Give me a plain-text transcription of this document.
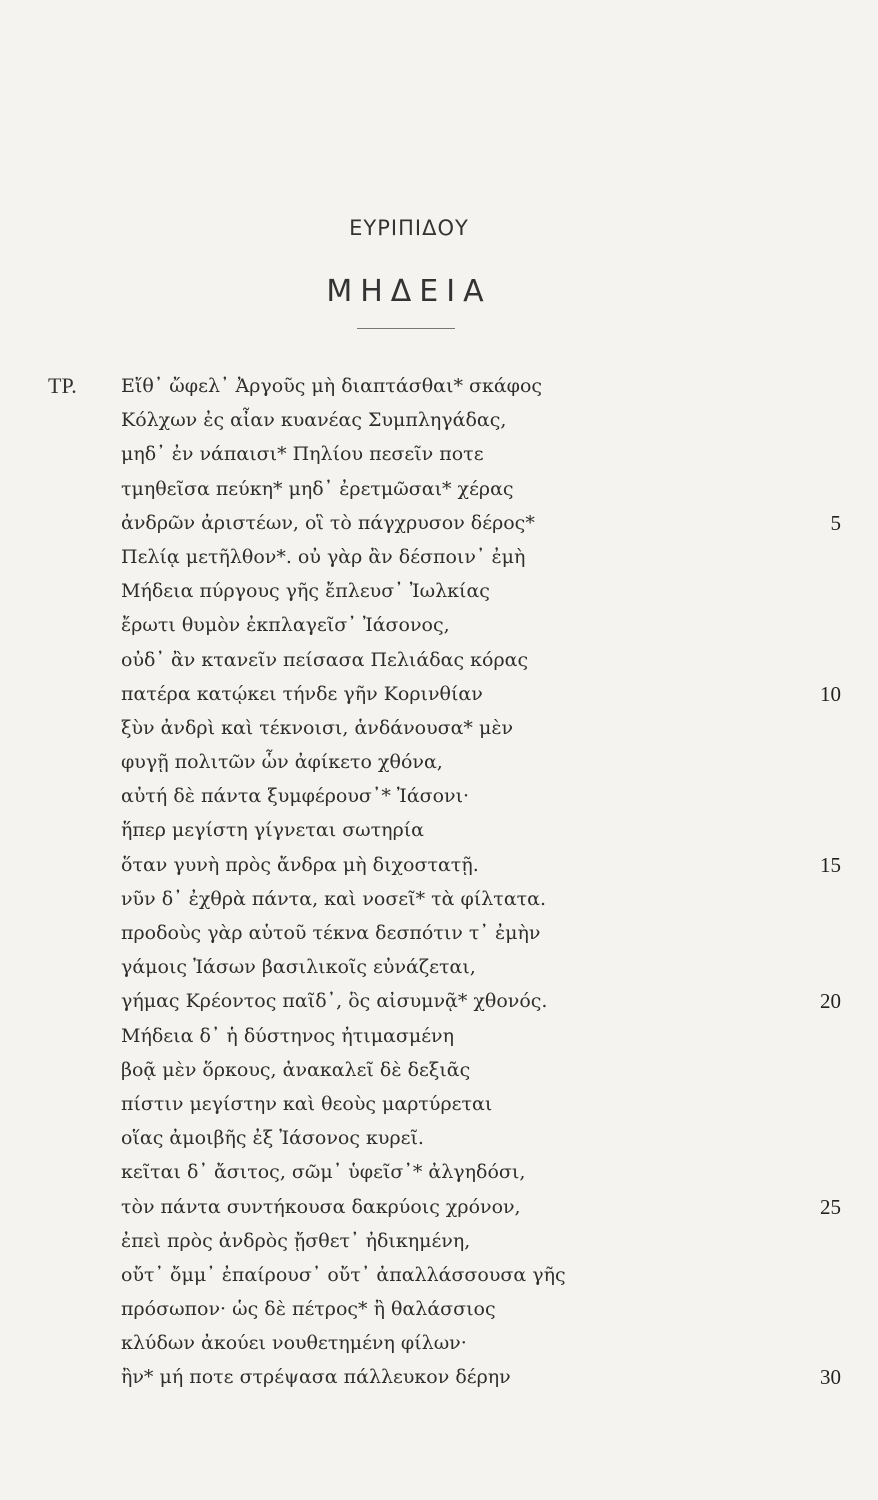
ΕΥΡΙΠΙΔΟΥ
ΜΗΔΕΙΑ
ΤΡ. Εἴθ᾽ ὤφελ᾽ Ἀργοῦς μὴ διαπτάσθαι* σκάφος
Κόλχων ἐς αἶαν κυανέας Συμπληγάδας,
μηδ᾽ ἐν νάπαισι* Πηλίου πεσεῖν ποτε
τμηθεῖσα πεύκη* μηδ᾽ ἐρετμῶσαι* χέρας
ἀνδρῶν ἀριστέων, οἳ τὸ πάγχρυσον δέρος*	5
Πελίᾳ μετῆλθον*. οὐ γὰρ ἂν δέσποιν᾽ ἐμὴ
Μήδεια πύργους γῆς ἔπλευσ᾽ Ἰωλκίας
ἔρωτι θυμὸν ἐκπλαγεῖσ᾽ Ἰάσονος,
οὐδ᾽ ἂν κτανεῖν πείσασα Πελιάδας κόρας
πατέρα κατῴκει τήνδε γῆν Κορινθίαν	10
ξὺν ἀνδρὶ καὶ τέκνοισι, ἁνδάνουσα* μὲν
φυγῇ πολιτῶν ὧν ἀφίκετο χθόνα,
αὐτή δὲ πάντα ξυμφέρουσ᾽* Ἰάσονι·
ἥπερ μεγίστη γίγνεται σωτηρία
ὅταν γυνὴ πρὸς ἄνδρα μὴ διχοστατῇ.	15
νῦν δ᾽ ἐχθρὰ πάντα, καὶ νοσεῖ* τὰ φίλτατα.
προδοὺς γὰρ αὑτοῦ τέκνα δεσπότιν τ᾽ ἐμὴν
γάμοις Ἰάσων βασιλικοῖς εὐνάζεται,
γήμας Κρέοντος παῖδ᾽, ὃς αἰσυμνᾷ* χθονός.	20
Μήδεια δ᾽ ἡ δύστηνος ἠτιμασμένη
βοᾷ μὲν ὅρκους, ἀνακαλεῖ δὲ δεξιᾶς
πίστιν μεγίστην καὶ θεοὺς μαρτύρεται
οἵας ἀμοιβῆς ἐξ Ἰάσονος κυρεῖ.
κεῖται δ᾽ ἄσιτος, σῶμ᾽ ὑφεῖσ᾽* ἀλγηδόσι,
τὸν πάντα συντήκουσα δακρύοις χρόνον,	25
ἐπεὶ πρὸς ἀνδρὸς ᾔσθετ᾽ ἠδικημένη,
οὔτ᾽ ὄμμ᾽ ἐπαίρουσ᾽ οὔτ᾽ ἀπαλλάσσουσα γῆς
πρόσωπον· ὡς δὲ πέτρος* ἢ θαλάσσιος
κλύδων ἀκούει νουθετημένη φίλων·
ἢν* μή ποτε στρέψασα πάλλευκον δέρην	30
